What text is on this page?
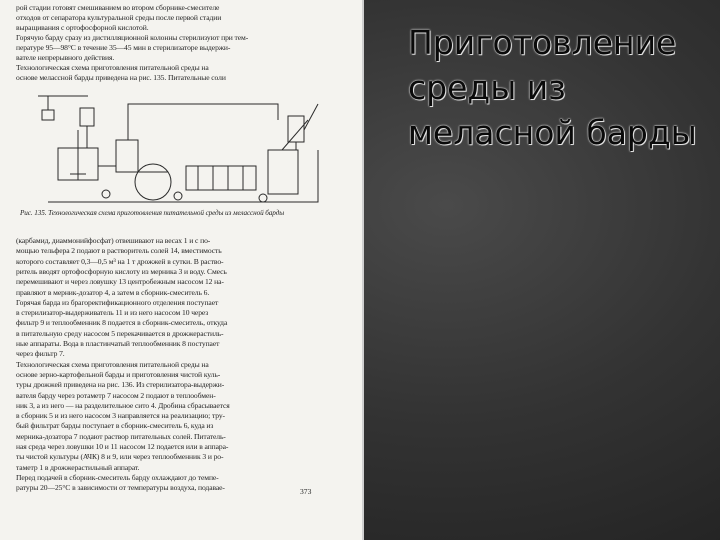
рой стадии готовят смешиванием во втором сборнике-смесителе
отходов от сепаратора культуральной среды после первой стадии
выращивания с ортофосфорной кислотой.
Горячую барду сразу из дистилляционной колонны стерилизуют при тем-
пературе 95—98°С в течение 35—45 мин в стерилизаторе выдержи-
вателе непрерывного действия.
Технологическая схема приготовления питательной среды на
основе мелассной барды приведена на рис. 135. Питательные соли
Рис. 135. Технологическая схема приготовления питательной среды из мелассной барды
(карбамид, диаммонийфосфат) отвешивают на весах 1 и с по-
мощью тельфера 2 подают в растворитель солей 14, вместимость
которого составляет 0,3—0,5 м³ на 1 т дрожжей в сутки. В раство-
ритель вводят ортофосфорную кислоту из мерника 3 и воду. Смесь
перемешивают и через ловушку 13 центробежным насосом 12 на-
правляют в мерник-дозатор 4, а затем в сборник-смеситель 6.
Горячая барда из брагоректификационного отделения поступает
в стерилизатор-выдерживатель 11 и из него насосом 10 через
фильтр 9 и теплообменник 8 подается в сборник-смеситель, откуда
в питательную среду насосом 5 перекачивается в дрожжерастиль-
ные аппараты. Вода в пластинчатый теплообменник 8 поступает
через фильтр 7.
Технологическая схема приготовления питательной среды на
основе зерно-картофельной барды и приготовления чистой куль-
туры дрожжей приведена на рис. 136. Из стерилизатора-выдержи-
вателя барду через ротаметр 7 насосом 2 подают в теплообмен-
ник 3, а из него — на разделительное сито 4. Дробина сбрасывается
в сборник 5 и из него насосом 3 направляется на реализацию; тру-
бый фильтрат барды поступает в сборник-смеситель 6, куда из
мерника-дозатора 7 подают раствор питательных солей. Питатель-
ная среда через ловушки 10 и 11 насосом 12 подается или в аппара-
ты чистой культуры (АЧК) 8 и 9, или через теплообменник 3 и ро-
таметр 1 в дрожжерастильный аппарат.
Перед подачей в сборник-смеситель барду охлаждают до темпе-
ратуры 20—25°С в зависимости от температуры воздуха, подавае-	373
Приготовление среды из меласной барды
